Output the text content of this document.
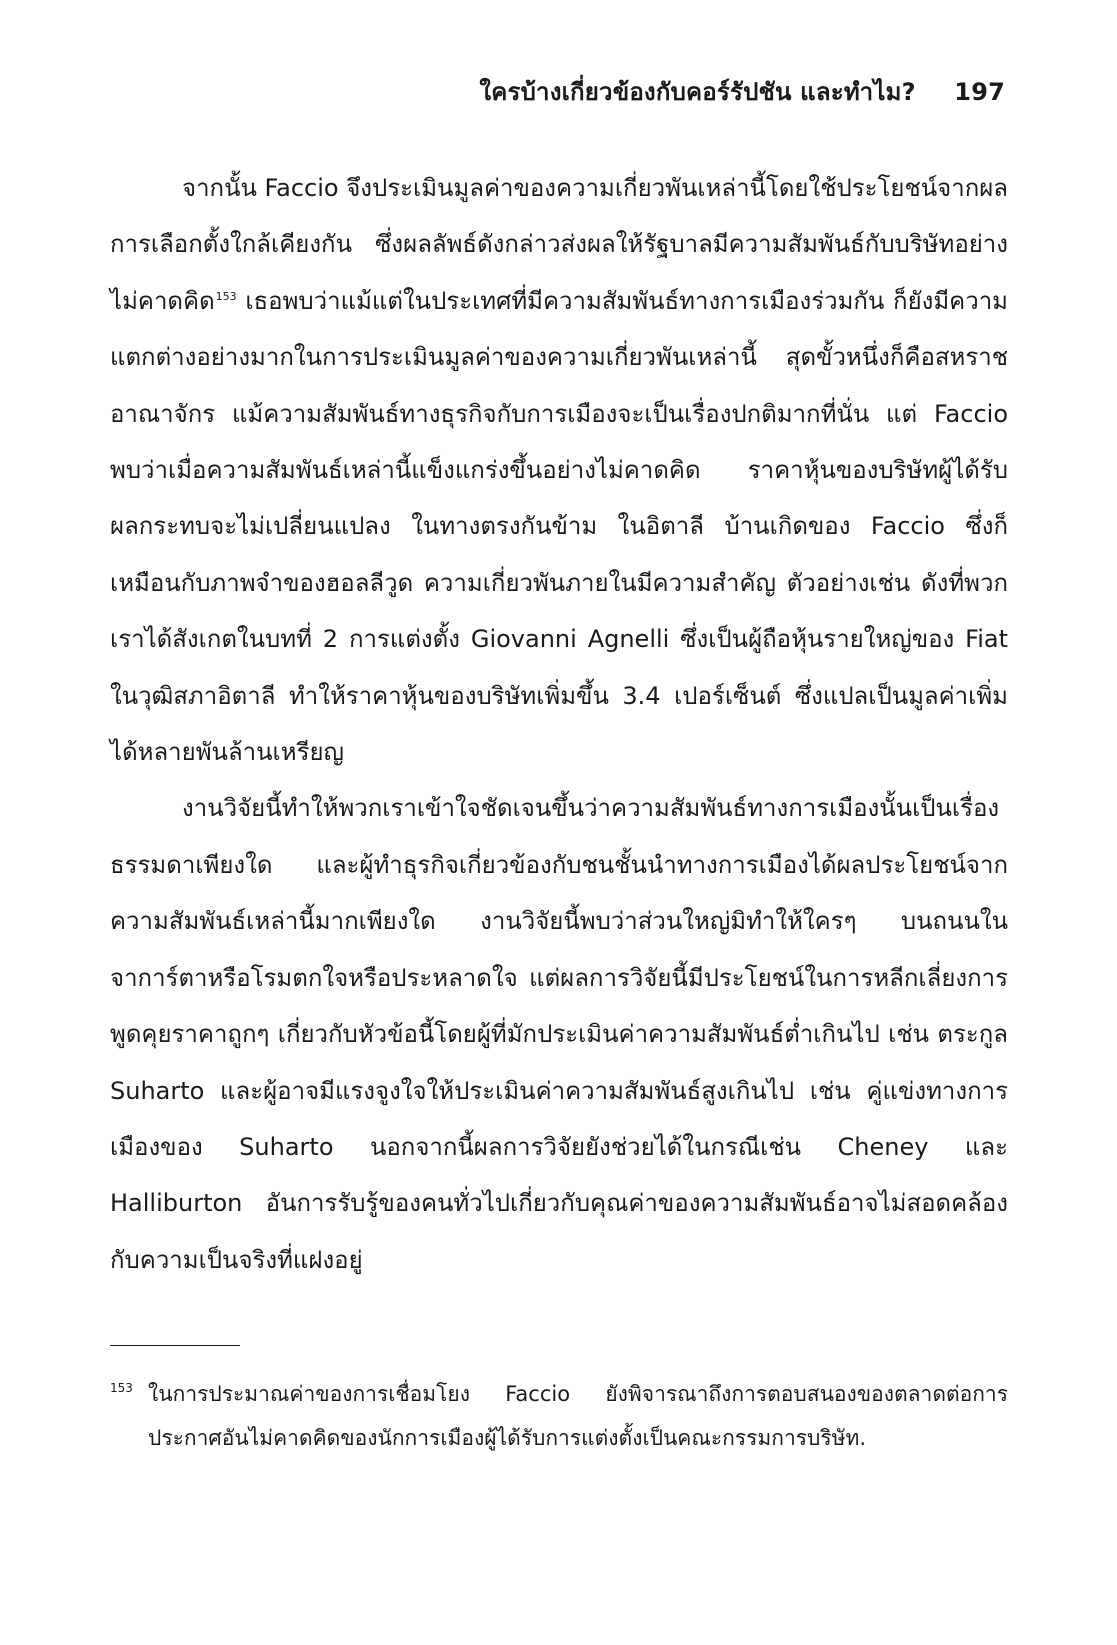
ใครบ้างเกี่ยวข้องกับคอร์รัปชัน และทำไม? 197

จากนั้น Faccio จึงประเมินมูลค่าของความเกี่ยวพันเหล่านี้โดยใช้ประโยชน์จากผลการเลือกตั้งใกล้เคียงกัน ซึ่งผลลัพธ์ดังกล่าวส่งผลให้รัฐบาลมีความสัมพันธ์กับบริษัทอย่างไม่คาดคิด$^{153}$ เธอพบว่าแม้แต่ในประเทศที่มีความสัมพันธ์ทางการเมืองร่วมกัน ก็ยังมีความแตกต่างอย่างมากในการประเมินมูลค่าของความเกี่ยวพันเหล่านี้ สุดขั้วหนึ่งก็คือสหราชอาณาจักร แม้ความสัมพันธ์ทางธุรกิจกับการเมืองจะเป็นเรื่องปกติมากที่นั่น แต่ Faccio พบว่าเมื่อความสัมพันธ์เหล่านี้แข็งแกร่งขึ้นอย่างไม่คาดคิด ราคาหุ้นของบริษัทผู้ได้รับผลกระทบจะไม่เปลี่ยนแปลง ในทางตรงกันข้าม ในอิตาลี บ้านเกิดของ Faccio ซึ่งก็เหมือนกับภาพจำของฮอลลีวูด ความเกี่ยวพันภายในมีความสำคัญ ตัวอย่างเช่น ดังที่พวกเราได้สังเกตในบทที่ 2 การแต่งตั้ง Giovanni Agnelli ซึ่งเป็นผู้ถือหุ้นรายใหญ่ของ Fiat ในวุฒิสภาอิตาลี ทำให้ราคาหุ้นของบริษัทเพิ่มขึ้น 3.4 เปอร์เซ็นต์ ซึ่งแปลเป็นมูลค่าเพิ่มได้หลายพันล้านเหรียญ

งานวิจัยนี้ทำให้พวกเราเข้าใจชัดเจนขึ้นว่าความสัมพันธ์ทางการเมืองนั้นเป็นเรื่องธรรมดาเพียงใด และผู้ทำธุรกิจเกี่ยวข้องกับชนชั้นนำทางการเมืองได้ผลประโยชน์จากความสัมพันธ์เหล่านี้มากเพียงใด งานวิจัยนี้พบว่าส่วนใหญ่มิทำให้ใครๆ บนถนนในจาการ์ตาหรือโรมตกใจหรือประหลาดใจ แต่ผลการวิจัยนี้มีประโยชน์ในการหลีกเลี่ยงการพูดคุยราคาถูกๆ เกี่ยวกับหัวข้อนี้โดยผู้ที่มักประเมินค่าความสัมพันธ์ต่ำเกินไป เช่น ตระกูล Suharto และผู้อาจมีแรงจูงใจให้ประเมินค่าความสัมพันธ์สูงเกินไป เช่น คู่แข่งทางการเมืองของ Suharto นอกจากนี้ผลการวิจัยยังช่วยได้ในกรณีเช่น Cheney และ Halliburton อันการรับรู้ของคนทั่วไปเกี่ยวกับคุณค่าของความสัมพันธ์อาจไม่สอดคล้องกับความเป็นจริงที่แฝงอยู่

153 ในการประมาณค่าของการเชื่อมโยง Faccio ยังพิจารณาถึงการตอบสนองของตลาดต่อการประกาศอันไม่คาดคิดของนักการเมืองผู้ได้รับการแต่งตั้งเป็นคณะกรรมการบริษัท.
